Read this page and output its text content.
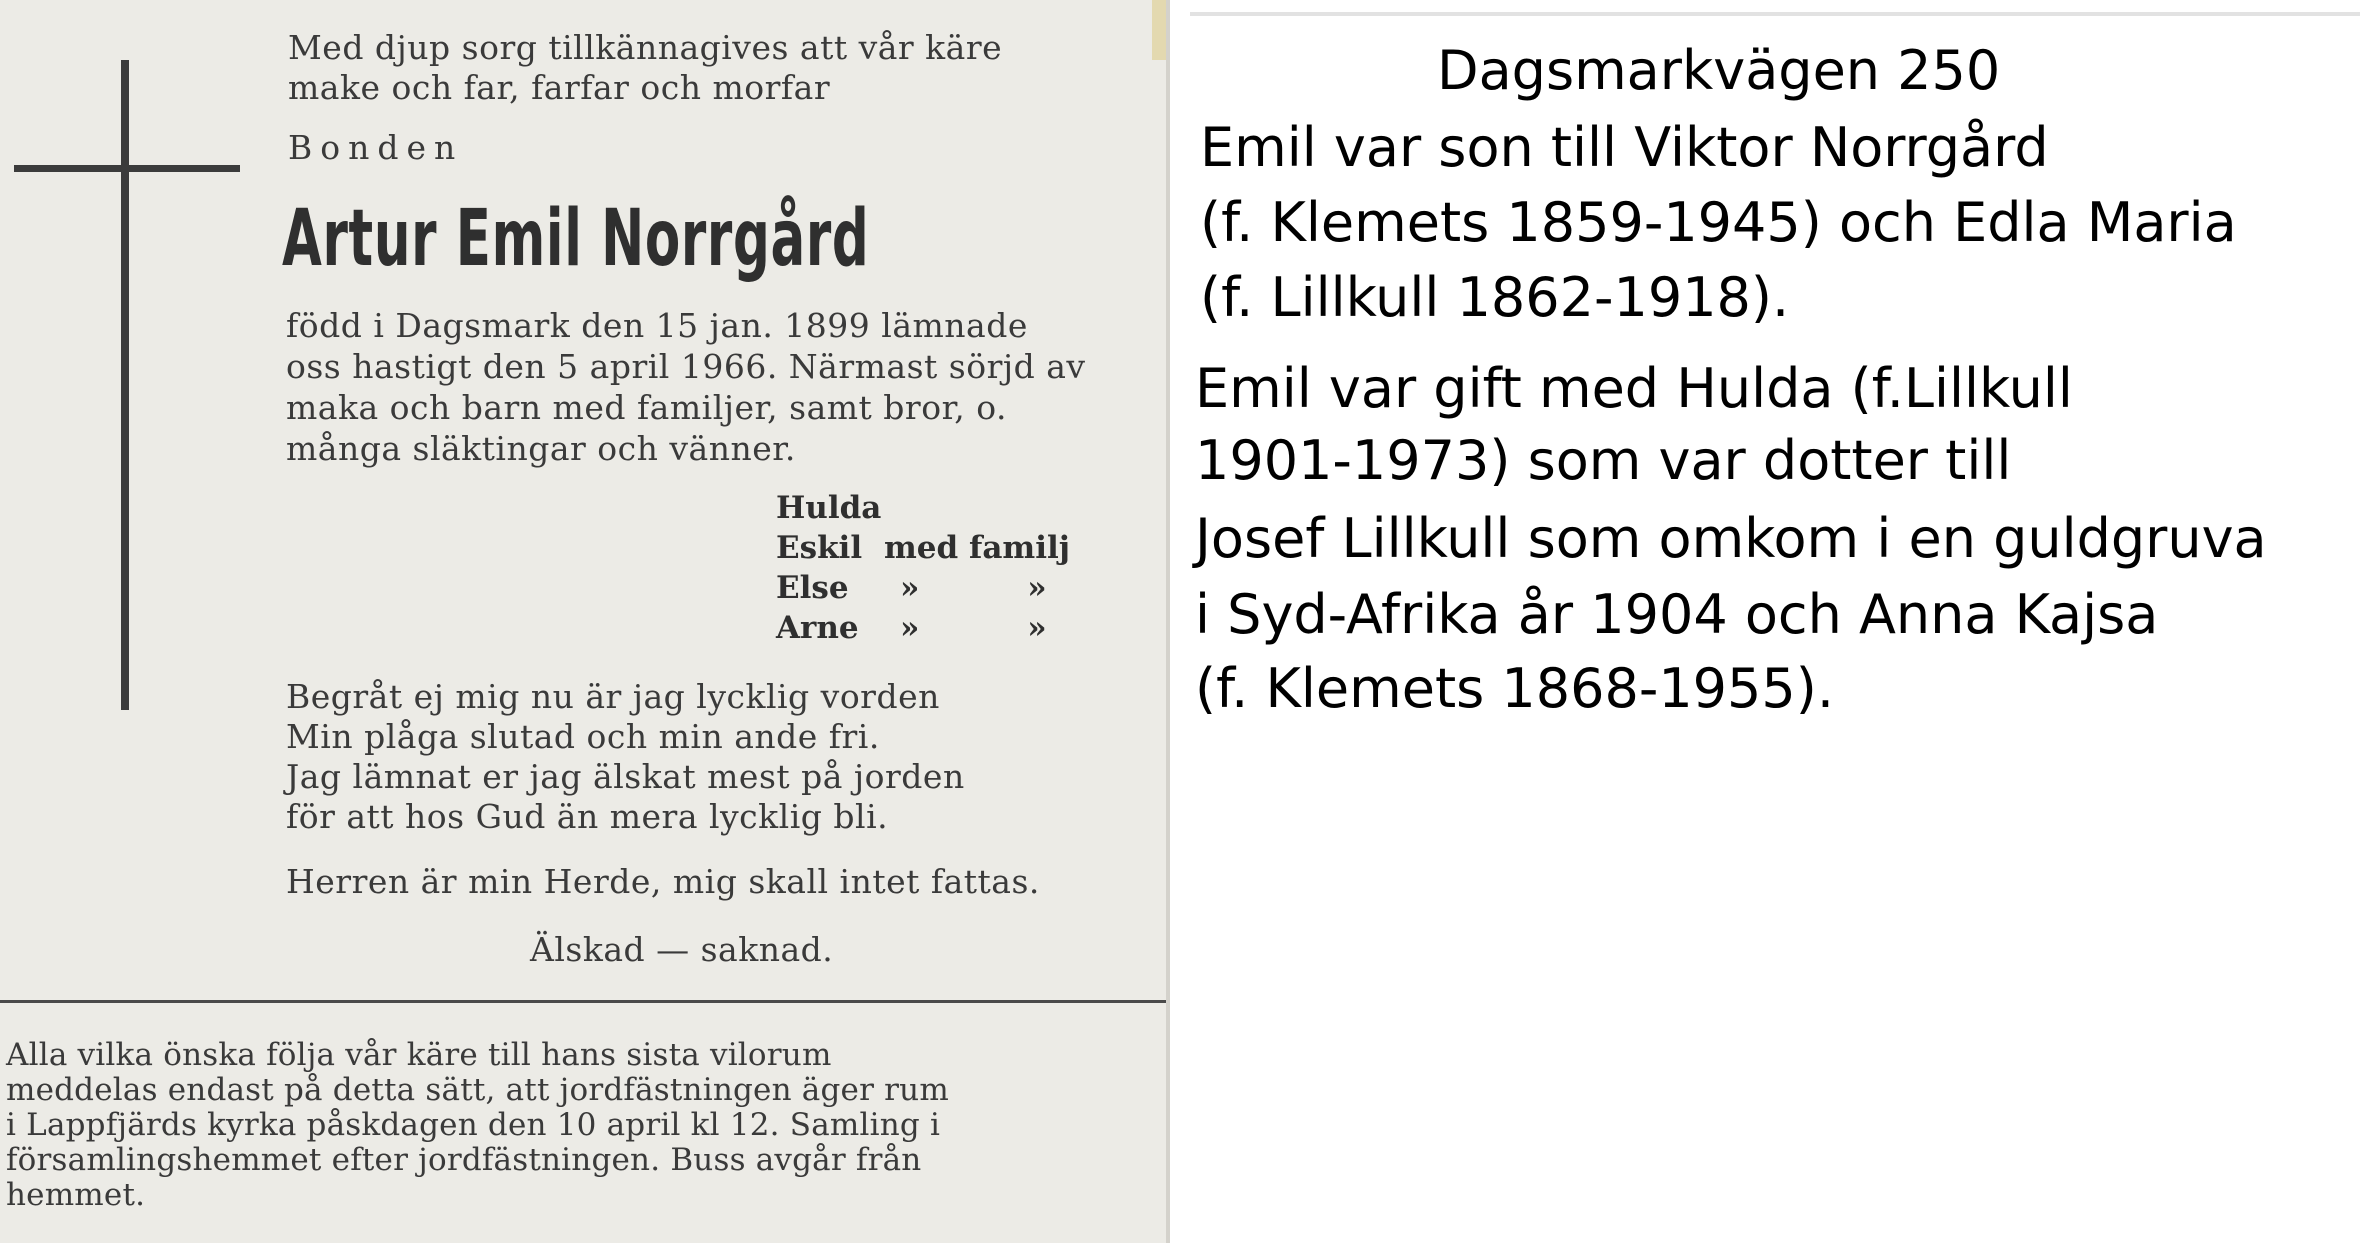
Med djup sorg tillkännagives att vår käre
make och far, farfar och morfar
Bonden
Artur Emil Norrgård
född i Dagsmark den 15 jan. 1899 lämnade
oss hastigt den 5 april 1966. Närmast sörjd av
maka och barn med familjer, samt bror, o.
många släktingar och vänner.
Hulda
Eskil med familj
Else »          »
Arne »          »
Begråt ej mig nu är jag lycklig vorden
Min plåga slutad och min ande fri.
Jag lämnat er jag älskat mest på jorden
för att hos Gud än mera lycklig bli.
Herren är min Herde, mig skall intet fattas.
Älskad — saknad.
Alla vilka önska följa vår käre till hans sista vilorum
meddelas endast på detta sätt, att jordfästningen äger rum
i Lappfjärds kyrka påskdagen den 10 april kl 12. Samling i
församlingshemmet efter jordfästningen. Buss avgår från
hemmet.
Dagsmarkvägen 250
Emil var son till Viktor Norrgård
(f. Klemets 1859-1945) och Edla Maria
(f. Lillkull 1862-1918).
Emil var gift med Hulda (f.Lillkull
1901-1973) som var dotter till
Josef Lillkull som omkom i en guldgruva
i Syd-Afrika år 1904 och Anna Kajsa
(f. Klemets 1868-1955).
